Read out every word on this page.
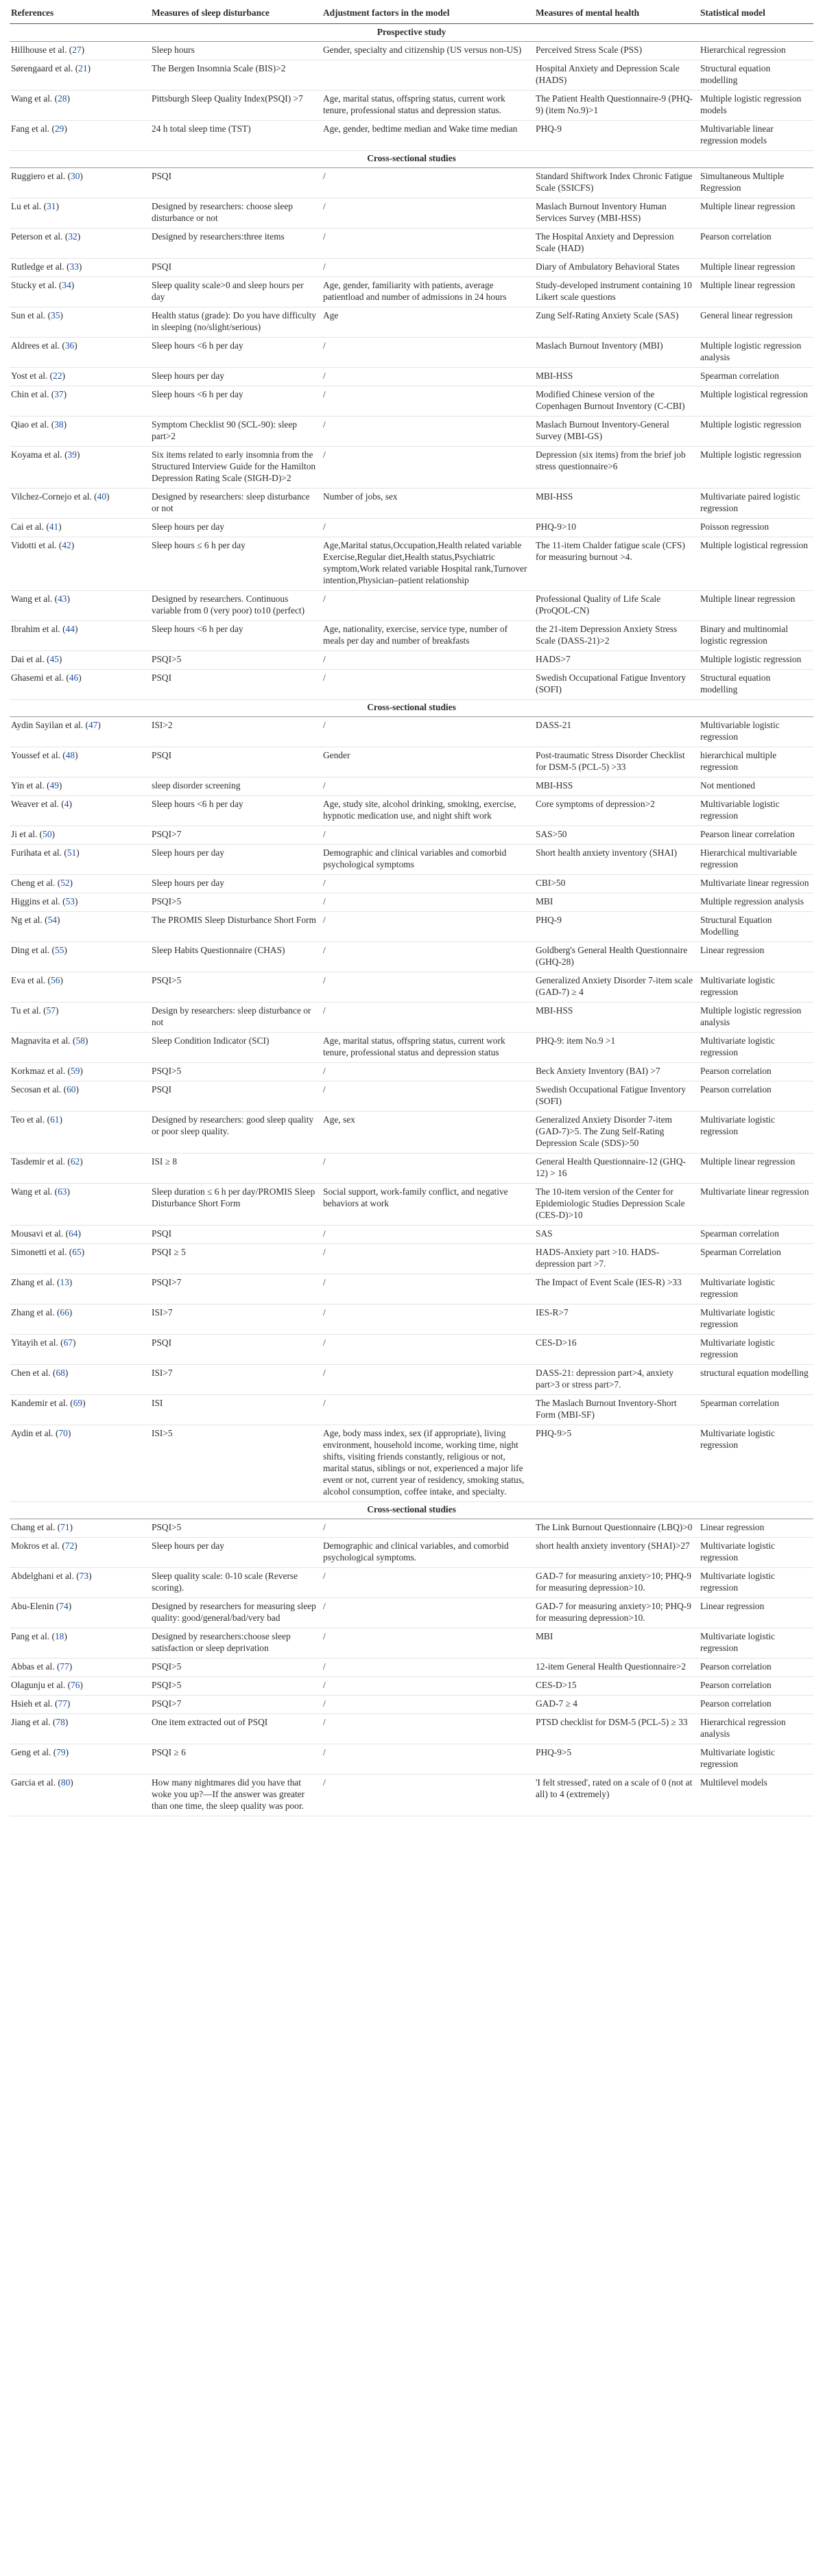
References	Measures of sleep disturbance	Adjustment factors in the model	Measures of mental health	Statistical model
Prospective study				
Hillhouse et al. (27)	Sleep hours	Gender, specialty and citizenship (US versus non-US)	Perceived Stress Scale (PSS)	Hierarchical regression
Sørengaard et al. (21)	The Bergen Insomnia Scale (BIS)>2		Hospital Anxiety and Depression Scale (HADS)	Structural equation modelling
Wang et al. (28)	Pittsburgh Sleep Quality Index(PSQI) >7	Age, marital status, offspring status, current work tenure, professional status and depression status.	The Patient Health Questionnaire-9 (PHQ-9) (item No.9)>1	Multiple logistic regression models
Fang et al. (29)	24 h total sleep time (TST)	Age, gender, bedtime median and Wake time median	PHQ-9	Multivariable linear regression models
Cross-sectional studies				
Ruggiero et al. (30)	PSQI	/	Standard Shiftwork Index Chronic Fatigue Scale (SSICFS)	Simultaneous Multiple Regression
Lu et al. (31)	Designed by researchers: choose sleep disturbance or not	/	Maslach Burnout Inventory Human Services Survey (MBI-HSS)	Multiple linear regression
Peterson et al. (32)	Designed by researchers:three items	/	The Hospital Anxiety and Depression Scale (HAD)	Pearson correlation
Rutledge et al. (33)	PSQI	/	Diary of Ambulatory Behavioral States	Multiple linear regression
Stucky et al. (34)	Sleep quality scale>0 and sleep hours per day	Age, gender, familiarity with patients, average patientload and number of admissions in 24 hours	Study-developed instrument containing 10 Likert scale questions	Multiple linear regression
Sun et al. (35)	Health status (grade): Do you have difficulty in sleeping (no/slight/serious)	Age	Zung Self-Rating Anxiety Scale (SAS)	General linear regression
Aldrees et al. (36)	Sleep hours <6 h per day	/	Maslach Burnout Inventory (MBI)	Multiple logistic regression analysis
Yost et al. (22)	Sleep hours per day	/	MBI-HSS	Spearman correlation
Chin et al. (37)	Sleep hours <6 h per day	/	Modified Chinese version of the Copenhagen Burnout Inventory (C-CBI)	Multiple logistical regression
Qiao et al. (38)	Symptom Checklist 90 (SCL-90): sleep part>2	/	Maslach Burnout Inventory-General Survey (MBI-GS)	Multiple logistic regression
Koyama et al. (39)	Six items related to early insomnia from the Structured Interview Guide for the Hamilton Depression Rating Scale (SIGH-D)>2	/	Depression (six items) from the brief job stress questionnaire>6	Multiple logistic regression
Vilchez-Cornejo et al. (40)	Designed by researchers: sleep disturbance or not	Number of jobs, sex	MBI-HSS	Multivariate paired logistic regression
Cai et al. (41)	Sleep hours per day	/	PHQ-9>10	Poisson regression
Vidotti et al. (42)	Sleep hours ≤ 6 h per day	Age,Marital status,Occupation,Health related variable Exercise,Regular diet,Health status,Psychiatric symptom,Work related variable Hospital rank,Turnover intention,Physician–patient relationship	The 11-item Chalder fatigue scale (CFS) for measuring burnout >4.	Multiple logistical regression
Wang et al. (43)	Designed by researchers. Continuous variable from 0 (very poor) to10 (perfect)	/	Professional Quality of Life Scale (ProQOL-CN)	Multiple linear regression
Ibrahim et al. (44)	Sleep hours <6 h per day	Age, nationality, exercise, service type, number of meals per day and number of breakfasts	the 21-item Depression Anxiety Stress Scale (DASS-21)>2	Binary and multinomial logistic regression
Dai et al. (45)	PSQI>5	/	HADS>7	Multiple logistic regression
Ghasemi et al. (46)	PSQI	/	Swedish Occupational Fatigue Inventory (SOFI)	Structural equation modelling
Cross-sectional studies				
Aydin Sayilan et al. (47)	ISI>2	/	DASS-21	Multivariable logistic regression
Youssef et al. (48)	PSQI	Gender	Post-traumatic Stress Disorder Checklist for DSM-5 (PCL-5) >33	hierarchical multiple regression
Yin et al. (49)	sleep disorder screening	/	MBI-HSS	Not mentioned
Weaver et al. (4)	Sleep hours <6 h per day	Age, study site, alcohol drinking, smoking, exercise, hypnotic medication use, and night shift work	Core symptoms of depression>2	Multivariable logistic regression
Ji et al. (50)	PSQI>7	/	SAS>50	Pearson linear correlation
Furihata et al. (51)	Sleep hours per day	Demographic and clinical variables and comorbid psychological symptoms	Short health anxiety inventory (SHAI)	Hierarchical multivariable regression
Cheng et al. (52)	Sleep hours per day	/	CBI>50	Multivariate linear regression
Higgins et al. (53)	PSQI>5	/	MBI	Multiple regression analysis
Ng et al. (54)	The PROMIS Sleep Disturbance Short Form	/	PHQ-9	Structural Equation Modelling
Ding et al. (55)	Sleep Habits Questionnaire (CHAS)	/	Goldberg's General Health Questionnaire (GHQ-28)	Linear regression
Eva et al. (56)	PSQI>5	/	Generalized Anxiety Disorder 7-item scale (GAD-7) ≥ 4	Multivariate logistic regression
Tu et al. (57)	Design by researchers: sleep disturbance or not	/	MBI-HSS	Multiple logistic regression analysis
Magnavita et al. (58)	Sleep Condition Indicator (SCI)	Age, marital status, offspring status, current work tenure, professional status and depression status	PHQ-9: item No.9 >1	Multivariate logistic regression
Korkmaz et al. (59)	PSQI>5	/	Beck Anxiety Inventory (BAI) >7	Pearson correlation
Secosan et al. (60)	PSQI	/	Swedish Occupational Fatigue Inventory (SOFI)	Pearson correlation
Teo et al. (61)	Designed by researchers: good sleep quality or poor sleep quality.	Age, sex	Generalized Anxiety Disorder 7-item (GAD-7)>5. The Zung Self-Rating Depression Scale (SDS)>50	Multivariate logistic regression
Tasdemir et al. (62)	ISI ≥ 8	/	General Health Questionnaire-12 (GHQ-12) > 16	Multiple linear regression
Wang et al. (63)	Sleep duration ≤ 6 h per day/PROMIS Sleep Disturbance Short Form	Social support, work-family conflict, and negative behaviors at work	The 10-item version of the Center for Epidemiologic Studies Depression Scale (CES-D)>10	Multivariate linear regression
Mousavi et al. (64)	PSQI	/	SAS	Spearman correlation
Simonetti et al. (65)	PSQI ≥ 5	/	HADS-Anxiety part >10. HADS-depression part >7.	Spearman Correlation
Zhang et al. (13)	PSQI>7	/	The Impact of Event Scale (IES-R) >33	Multivariate logistic regression
Zhang et al. (66)	ISI>7	/	IES-R>7	Multivariate logistic regression
Yitayih et al. (67)	PSQI	/	CES-D>16	Multivariate logistic regression
Chen et al. (68)	ISI>7	/	DASS-21: depression part>4, anxiety part>3 or stress part>7.	structural equation modelling
Kandemir et al. (69)	ISI	/	The Maslach Burnout Inventory-Short Form (MBI-SF)	Spearman correlation
Aydin et al. (70)	ISI>5	Age, body mass index, sex (if appropriate), living environment, household income, working time, night shifts, visiting friends constantly, religious or not, marital status, siblings or not, experienced a major life event or not, current year of residency, smoking status, alcohol consumption, coffee intake, and specialty.	PHQ-9>5	Multivariate logistic regression
Cross-sectional studies				
Chang et al. (71)	PSQI>5	/	The Link Burnout Questionnaire (LBQ)>0	Linear regression
Mokros et al. (72)	Sleep hours per day	Demographic and clinical variables, and comorbid psychological symptoms.	short health anxiety inventory (SHAI)>27	Multivariate logistic regression
Abdelghani et al. (73)	Sleep quality scale: 0-10 scale (Reverse scoring).	/	GAD-7 for measuring anxiety>10; PHQ-9 for measuring depression>10.	Multivariate logistic regression
Abu-Elenin (74)	Designed by researchers for measuring sleep quality: good/general/bad/very bad	/	GAD-7 for measuring anxiety>10; PHQ-9 for measuring depression>10.	Linear regression
Pang et al. (18)	Designed by researchers:choose sleep satisfaction or sleep deprivation	/	MBI	Multivariate logistic regression
Abbas et al. (77)	PSQI>5	/	12-item General Health Questionnaire>2	Pearson correlation
Olagunju et al. (76)	PSQI>5	/	CES-D>15	Pearson correlation
Hsieh et al. (77)	PSQI>7	/	GAD-7 ≥ 4	Pearson correlation
Jiang et al. (78)	One item extracted out of PSQI	/	PTSD checklist for DSM-5 (PCL-5) ≥ 33	Hierarchical regression analysis
Geng et al. (79)	PSQI ≥ 6	/	PHQ-9>5	Multivariate logistic regression
Garcia et al. (80)	How many nightmares did you have that woke you up?—If the answer was greater than one time, the sleep quality was poor.	/	'I felt stressed', rated on a scale of 0 (not at all) to 4 (extremely)	Multilevel models
